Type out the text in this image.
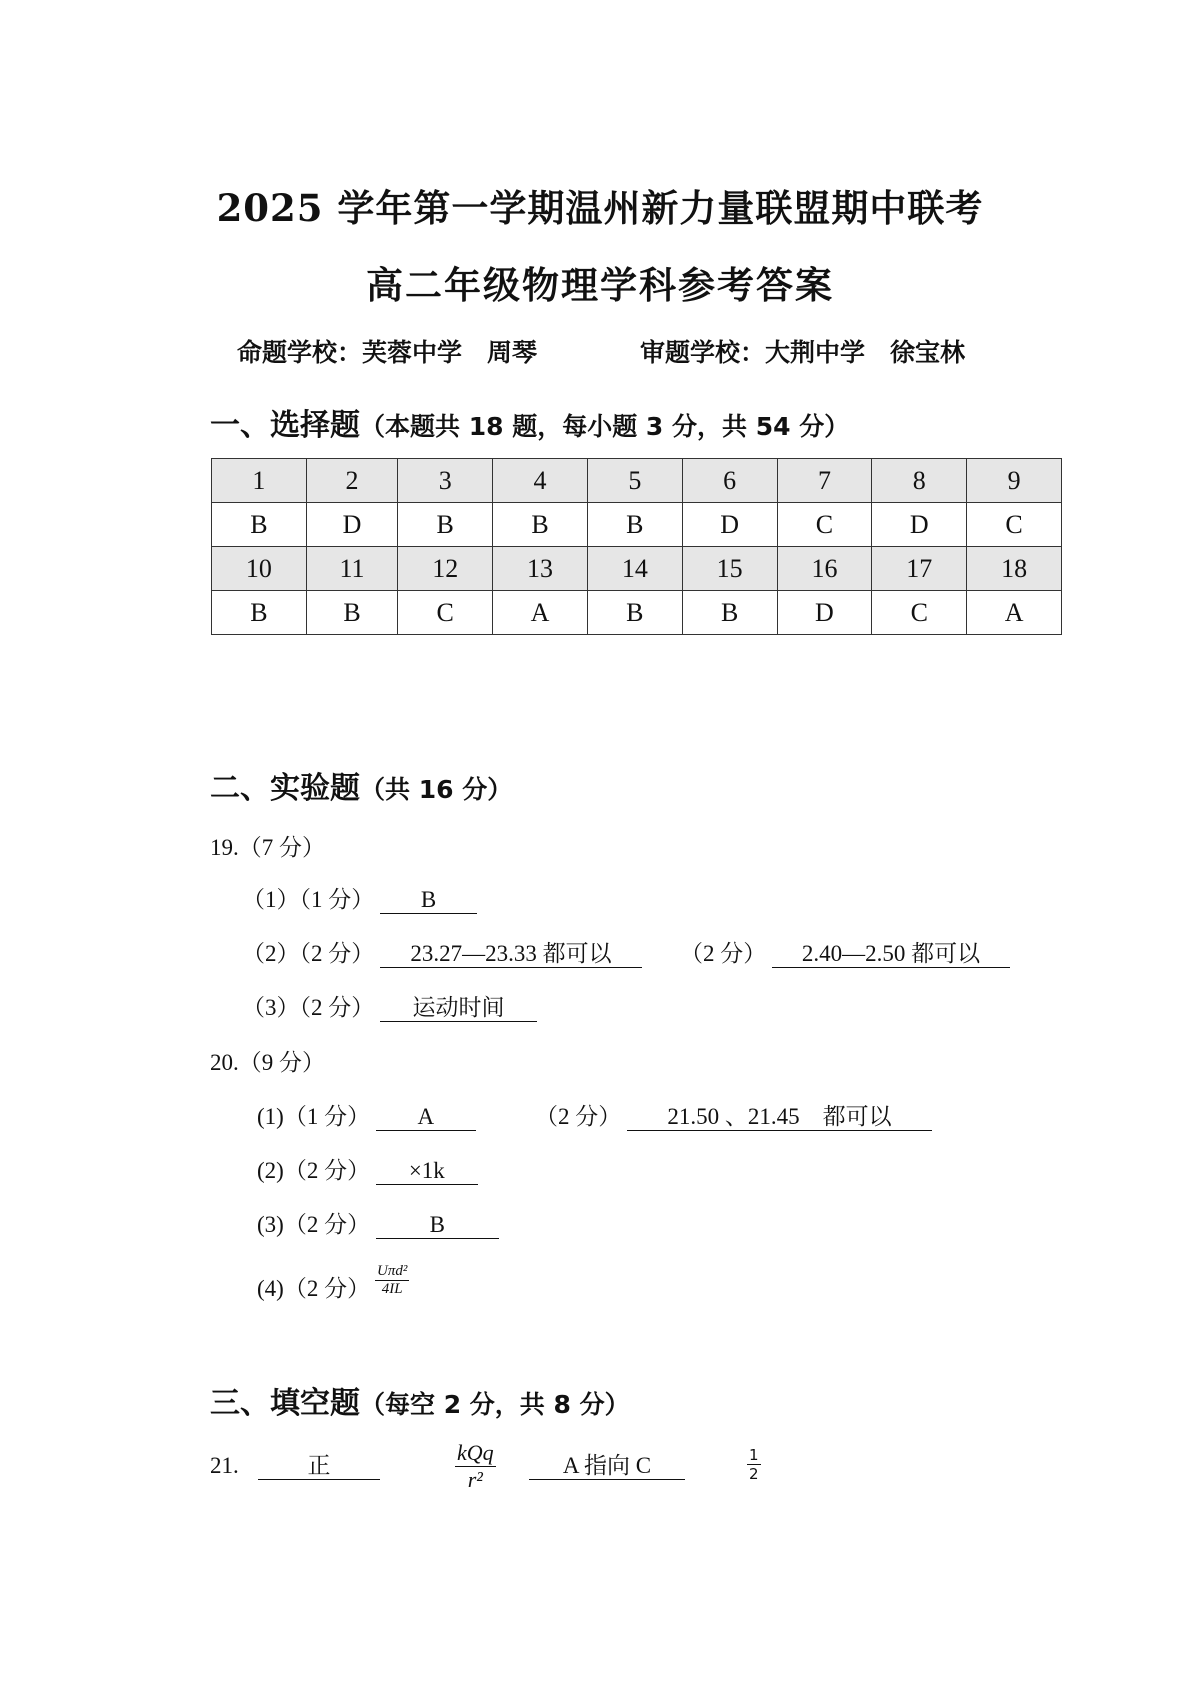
2025 学年第一学期温州新力量联盟期中联考
高二年级物理学科参考答案
命题学校：芙蓉中学　周琴	审题学校：大荆中学　徐宝林
一、选择题（本题共 18 题，每小题 3 分，共 54 分）
1	2	3	4	5	6	7	8	9
B	D	B	B	B	D	C	D	C
10	11	12	13	14	15	16	17	18
B	B	C	A	B	B	D	C	A
二、实验题（共 16 分）
19.（7 分）
（1）（1 分） B
（2）（2 分） 23.27—23.33 都可以	（2 分） 2.40—2.50 都可以
（3）（2 分） 运动时间
20.（9 分）
(1)（1 分） A	（2 分） 21.50 、21.45　都可以
(2)（2 分） ×1k
(3)（2 分）	B
(4)（2 分）
Uπd²
4IL
三、填空题（每空 2 分，共 8 分）
21.	正
kQq
r²
A 指向 C	$\frac{1}{2}$
